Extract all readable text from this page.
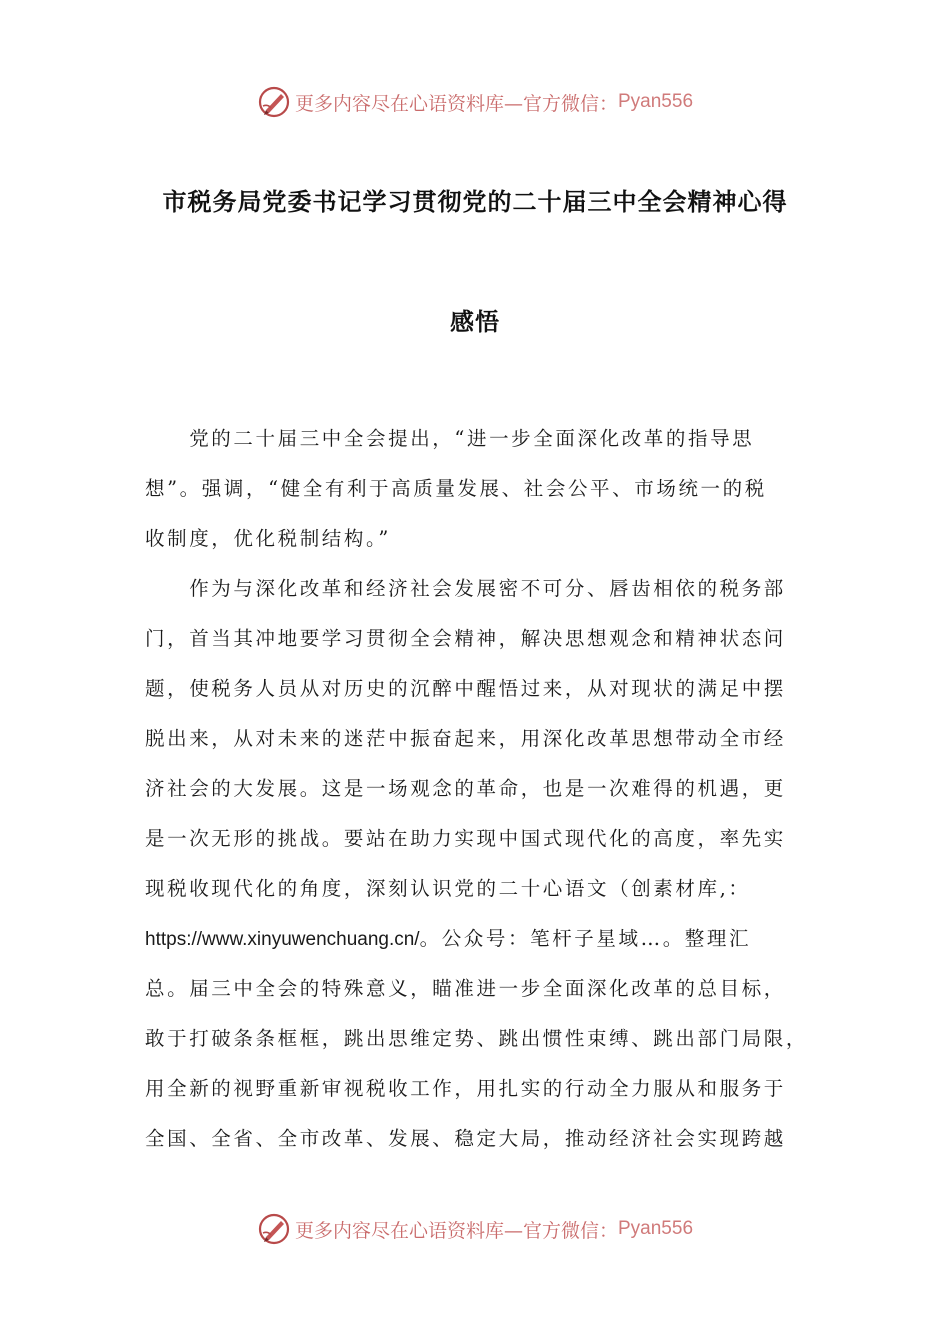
更多内容尽在心语资料库—官方微信： Pyan556
市税务局党委书记学习贯彻党的二十届三中全会精神心得
感悟
　　党的二十届三中全会提出，“进一步全面深化改革的指导思
想”。强调，“健全有利于高质量发展、社会公平、市场统一的税
收制度，优化税制结构。”
　　作为与深化改革和经济社会发展密不可分、唇齿相依的税务部
门，首当其冲地要学习贯彻全会精神，解决思想观念和精神状态问
题，使税务人员从对历史的沉醉中醒悟过来，从对现状的满足中摆
脱出来，从对未来的迷茫中振奋起来，用深化改革思想带动全市经
济社会的大发展。这是一场观念的革命，也是一次难得的机遇，更
是一次无形的挑战。要站在助力实现中国式现代化的高度，率先实
现税收现代化的角度，深刻认识党的二十心语文（创素材库,：
https://www.xinyuwenchuang.cn/。公众号：笔杆子星域…。整理汇
总。届三中全会的特殊意义，瞄准进一步全面深化改革的总目标，
敢于打破条条框框，跳出思维定势、跳出惯性束缚、跳出部门局限，
用全新的视野重新审视税收工作，用扎实的行动全力服从和服务于
全国、全省、全市改革、发展、稳定大局，推动经济社会实现跨越
更多内容尽在心语资料库—官方微信： Pyan556
